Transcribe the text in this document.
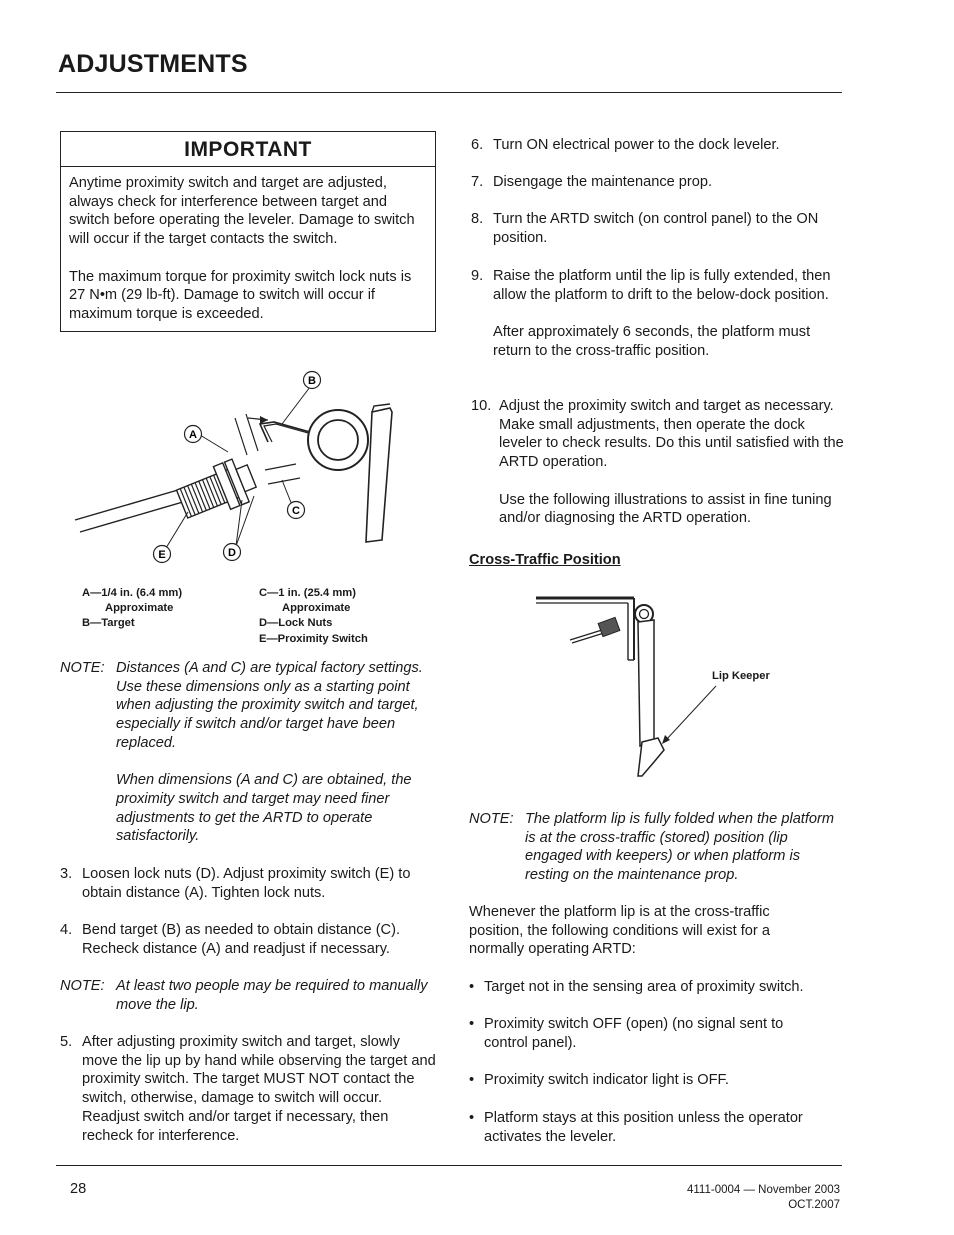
ADJUSTMENTS
IMPORTANT

Anytime proximity switch and target are adjusted, always check for interference between target and switch before operating the leveler. Damage to switch will occur if the target contacts the switch.

The maximum torque for proximity switch lock nuts is 27 N•m (29 lb-ft). Damage to switch will occur if maximum torque is exceeded.

A
B
C
D
E
A—1/4 in. (6.4 mm)
Approximate
B—Target
C—1 in. (25.4 mm)
Approximate
D—Lock Nuts
E—Proximity Switch
NOTE: Distances (A and C) are typical factory settings. Use these dimensions only as a starting point when adjusting the proximity switch and target, especially if switch and/or target have been replaced.

When dimensions (A and C) are obtained, the proximity switch and target may need finer adjustments to get the ARTD to operate satisfactorily.

3. Loosen lock nuts (D). Adjust proximity switch (E) to obtain distance (A). Tighten lock nuts.
4. Bend target (B) as needed to obtain distance (C). Recheck distance (A) and readjust if necessary.
NOTE: At least two people may be required to manually move the lip.
5. After adjusting proximity switch and target, slowly move the lip up by hand while observing the target and proximity switch. The target MUST NOT contact the switch, otherwise, damage to switch will occur. Readjust switch and/or target if necessary, then recheck for interference.
6. Turn ON electrical power to the dock leveler.
7. Disengage the maintenance prop.
8. Turn the ARTD switch (on control panel) to the ON position.
9. Raise the platform until the lip is fully extended, then allow the platform to drift to the below-dock position.

After approximately 6 seconds, the platform must return to the cross-traffic position.

10. Adjust the proximity switch and target as necessary. Make small adjustments, then operate the dock leveler to check results. Do this until satisfied with the ARTD operation.

Use the following illustrations to assist in fine tuning and/or diagnosing the ARTD operation.

Cross-Traffic Position
Lip Keeper
NOTE: The platform lip is fully folded when the platform is at the cross-traffic (stored) position (lip engaged with keepers) or when platform is resting on the maintenance prop.
Whenever the platform lip is at the cross-traffic position, the following conditions will exist for a normally operating ARTD:
• Target not in the sensing area of proximity switch.
• Proximity switch OFF (open) (no signal sent to control panel).
• Proximity switch indicator light is OFF.
• Platform stays at this position unless the operator activates the leveler.
28	4111-0004 — November 2003
OCT.2007
